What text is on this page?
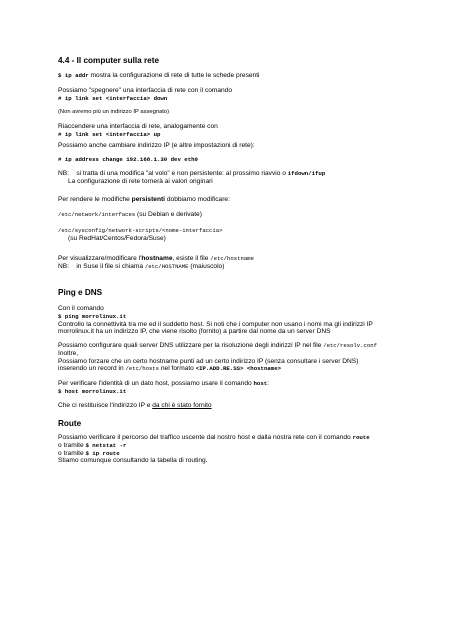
4.4 - Il computer sulla rete

$ ip addr mostra la configurazione di rete di tutte le schede presenti

Possiamo "spegnere" una interfaccia di rete con il comando
# ip link set <interfaccia> down

(Non avremo più un indirizzo IP assegnato)

Riaccendere una interfaccia di rete, analogamente con
# ip link set <interfaccia> up

Possiamo anche cambiare indirizzo IP (e altre impostazioni di rete):

# ip address change 192.168.1.30 dev eth0

NB: si tratta di una modifica "al volo" e non persistente: al prossimo riavvio o ifdown/ifup
La configurazione di rete tornerà ai valori originari

Per rendere le modifiche persistenti dobbiamo modificare:

/etc/network/interfaces (su Debian e derivate)

/etc/sysconfig/network-scripts/<nome-interfaccia>
(su RedHat/Centos/Fedora/Suse)

Per visualizzare/modificare l'hostname, esiste il file /etc/hostname
NB: in Suse il file si chiama /etc/HOSTNAME (maiuscolo)

Ping e DNS

Con il comando
$ ping morrolinux.it
Controllo la connettività tra me ed il suddetto host. Si noti che i computer non usano i nomi ma gli indirizzi IP
morrolinux.it ha un indirizzo IP, che viene risolto (fornito) a partire dal nome da un server DNS

Possiamo configurare quali server DNS utilizzare per la risoluzione degli indirizzi IP nel file /etc/resolv.conf
Inoltre,
Possiamo forzare che un certo hostname punti ad un certo indirizzo IP (senza consultare i server DNS)
inserendo un record in /etc/hosts nel formato <IP.ADD.RE.SS> <hostname>

Per verificare l'identità di un dato host, possiamo usare il comando host:
$ host morrolinux.it

Che ci restituisce l'indirizzo IP e da chi è stato fornito

Route

Possiamo verificare il percorso del traffico uscente dal nostro host e dalla nostra rete con il comando route
o tramite $ netstat -r
o tramite $ ip route
Stiamo comunque consultando la tabella di routing.
